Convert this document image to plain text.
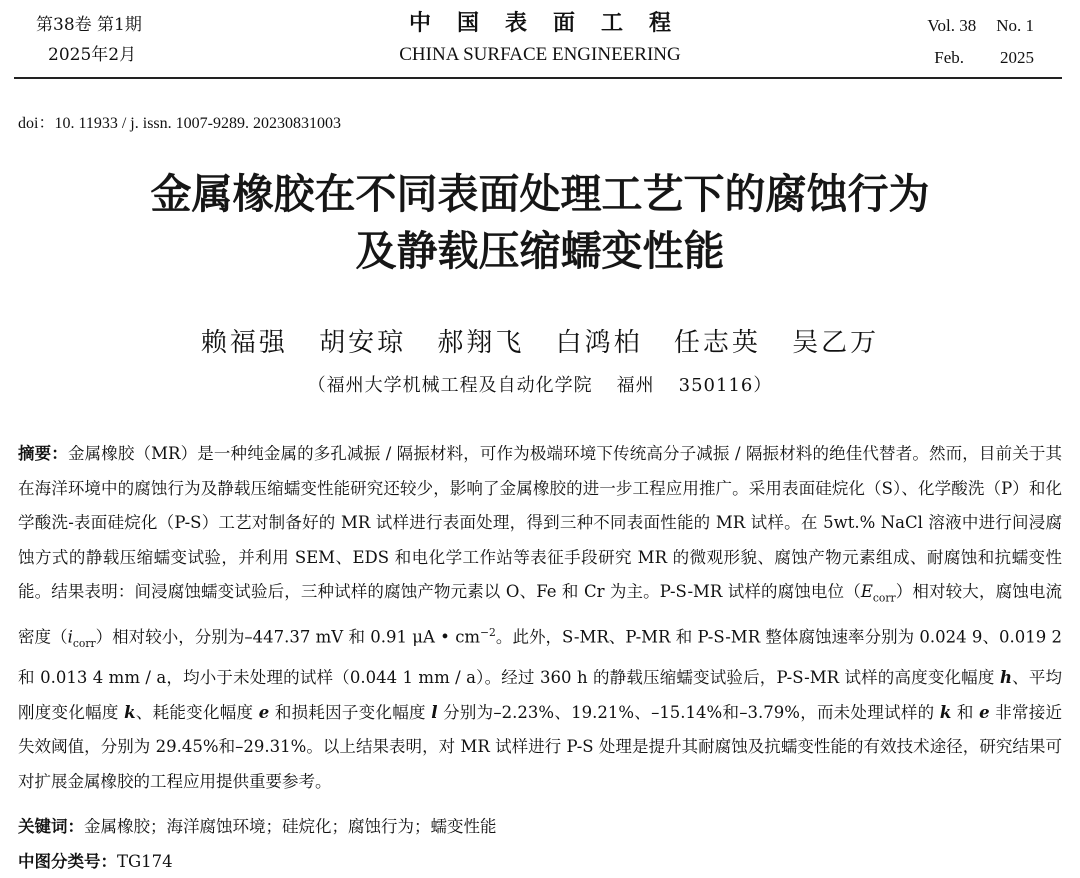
第38卷 第1期
2025年2月
中国表面工程
CHINA SURFACE ENGINEERING
Vol. 38 No. 1
Feb. 2025
doi：10. 11933 / j. issn. 1007-9289. 20230831003
金属橡胶在不同表面处理工艺下的腐蚀行为
及静载压缩蠕变性能
赖福强 胡安琼 郝翔飞 白鸿柏 任志英 吴乙万
（福州大学机械工程及自动化学院 福州 350116）
摘要：金属橡胶（MR）是一种纯金属的多孔减振 / 隔振材料，可作为极端环境下传统高分子减振 / 隔振材料的绝佳代替者。然而，目前关于其在海洋环境中的腐蚀行为及静载压缩蠕变性能研究还较少，影响了金属橡胶的进一步工程应用推广。采用表面硅烷化（S）、化学酸洗（P）和化学酸洗-表面硅烷化（P-S）工艺对制备好的 MR 试样进行表面处理，得到三种不同表面性能的 MR 试样。在 5wt.% NaCl 溶液中进行间浸腐蚀方式的静载压缩蠕变试验，并利用 SEM、EDS 和电化学工作站等表征手段研究 MR 的微观形貌、腐蚀产物元素组成、耐腐蚀和抗蠕变性能。结果表明：间浸腐蚀蠕变试验后，三种试样的腐蚀产物元素以 O、Fe 和 Cr 为主。P-S-MR 试样的腐蚀电位$(E_{corr})$相对较大，腐蚀电流密度$(i_{corr})$相对较小，分别为–447.37 mV 和 0.91 μA • $cm^{-2}$。此外，S-MR、P-MR 和 P-S-MR 整体腐蚀速率分别为 0.024 9、0.019 2 和 0.013 4 mm / a，均小于未处理的试样（0.044 1 mm / a）。经过 360 h 的静载压缩蠕变试验后，P-S-MR 试样的高度变化幅度 h、平均刚度变化幅度 k、耗能变化幅度 e 和损耗因子变化幅度 l 分别为–2.23%、19.21%、–15.14%和–3.79%，而未处理试样的 k 和 e 非常接近失效阈值，分别为 29.45%和–29.31%。以上结果表明，对 MR 试样进行 P-S 处理是提升其耐腐蚀及抗蠕变性能的有效技术途径，研究结果可对扩展金属橡胶的工程应用提供重要参考。
关键词：金属橡胶；海洋腐蚀环境；硅烷化；腐蚀行为；蠕变性能
中图分类号：TG174
